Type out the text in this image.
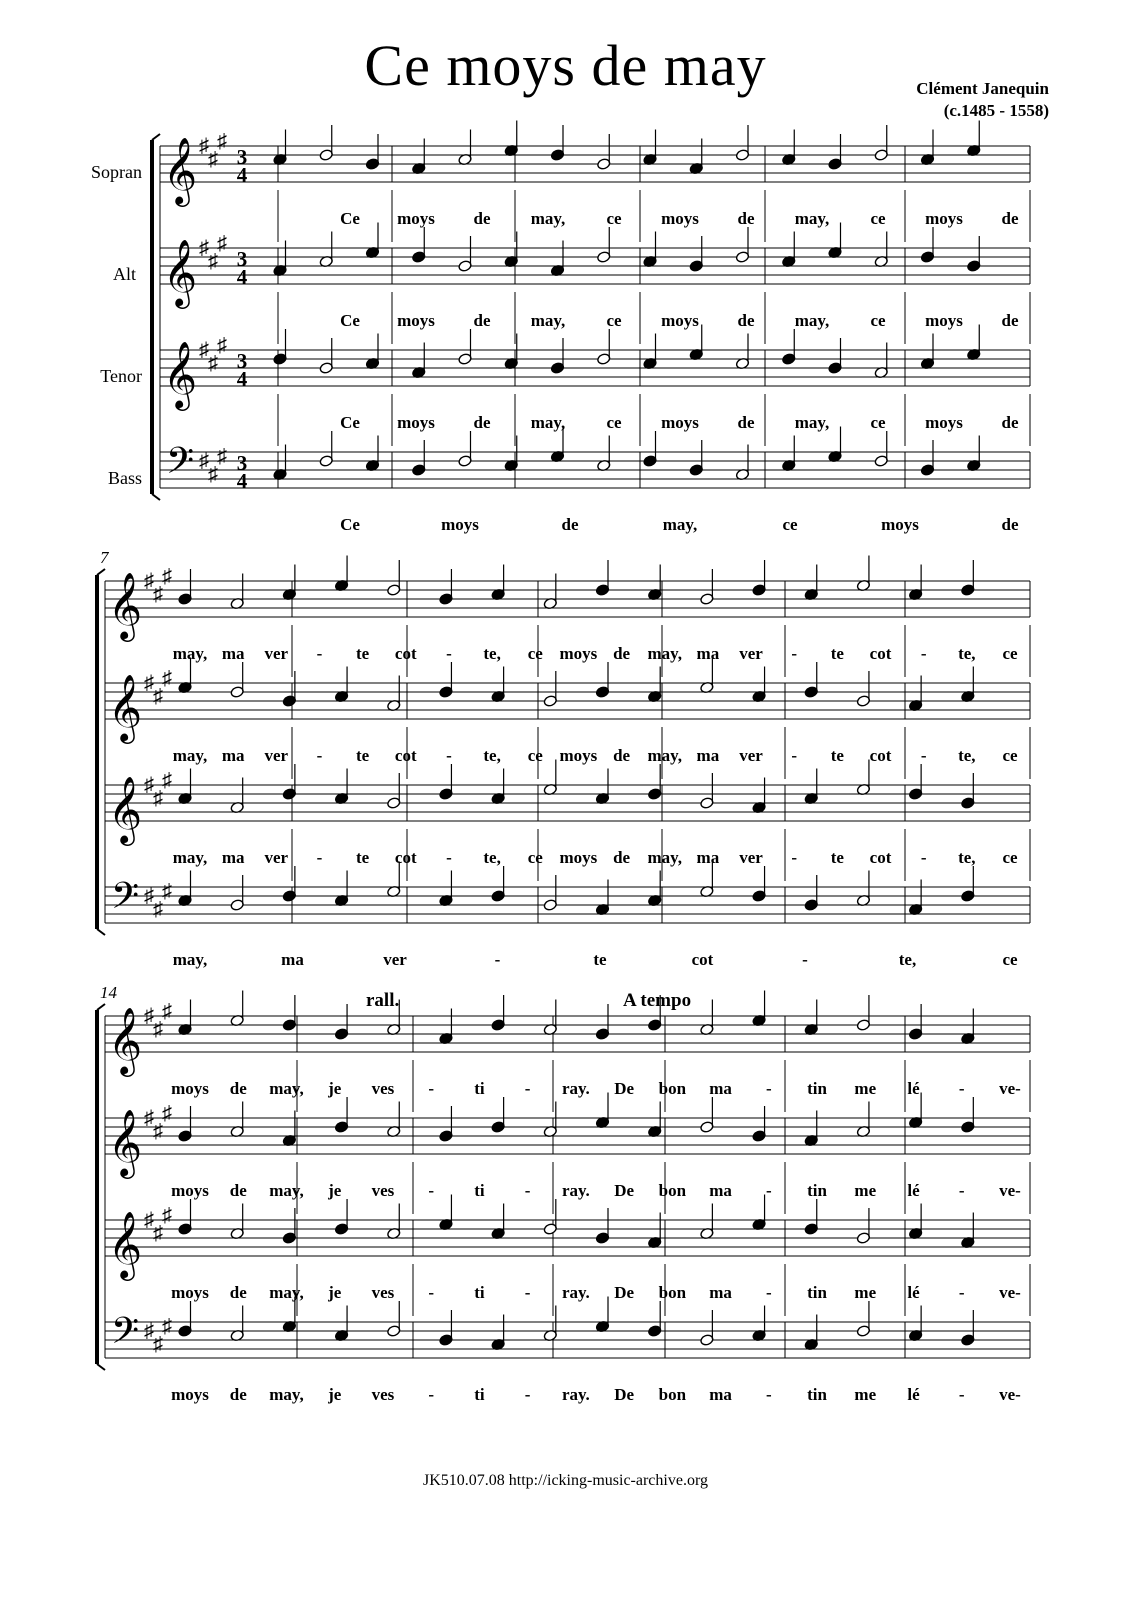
Ce moys de may	Clément Janequin
(c.1485 - 1558)
Sopran
Alt
Tenor
Bass
7
14	rall.	A tempo
𝄞 ♯
♯
♯
3
4
𝄞 ♯
♯
♯
3
4
𝄞 ♯
♯
♯
3
4
𝄢 ♯
♯
♯ 3
4
Ce moys de may, ce moys de may, ce moys de
Ce moys de may, ce moys de may, ce moys de
Ce moys de may, ce moys de may, ce moys de
Ce	moys	de	may,	ce	moys	de
𝄞 ♯
♯
♯
𝄞 ♯
♯
♯
𝄞 ♯
♯
♯
𝄢 ♯
♯
♯
may, ma ver - te cot - te, ce moys de may, ma ver - te cot - te, ce
may, ma ver - te cot - te, ce moys de may, ma ver - te cot - te, ce
may, ma ver - te cot - te, ce moys de may, ma ver - te cot - te, ce
may,	ma	ver	-	te	cot	-	te,	ce
𝄞 ♯
♯
♯
𝄞 ♯
♯
♯
𝄞 ♯
♯
♯
𝄢 ♯
♯
♯
moys de may, je ves - ti - ray. De bon ma - tin me lé - ve-
moys de may, je ves - ti - ray. De bon ma - tin me lé - ve-
moys de may, je ves - ti - ray. De bon ma - tin me lé - ve-
moys de may, je ves - ti - ray. De bon ma - tin me lé - ve-
JK510.07.08 http://icking-music-archive.org
